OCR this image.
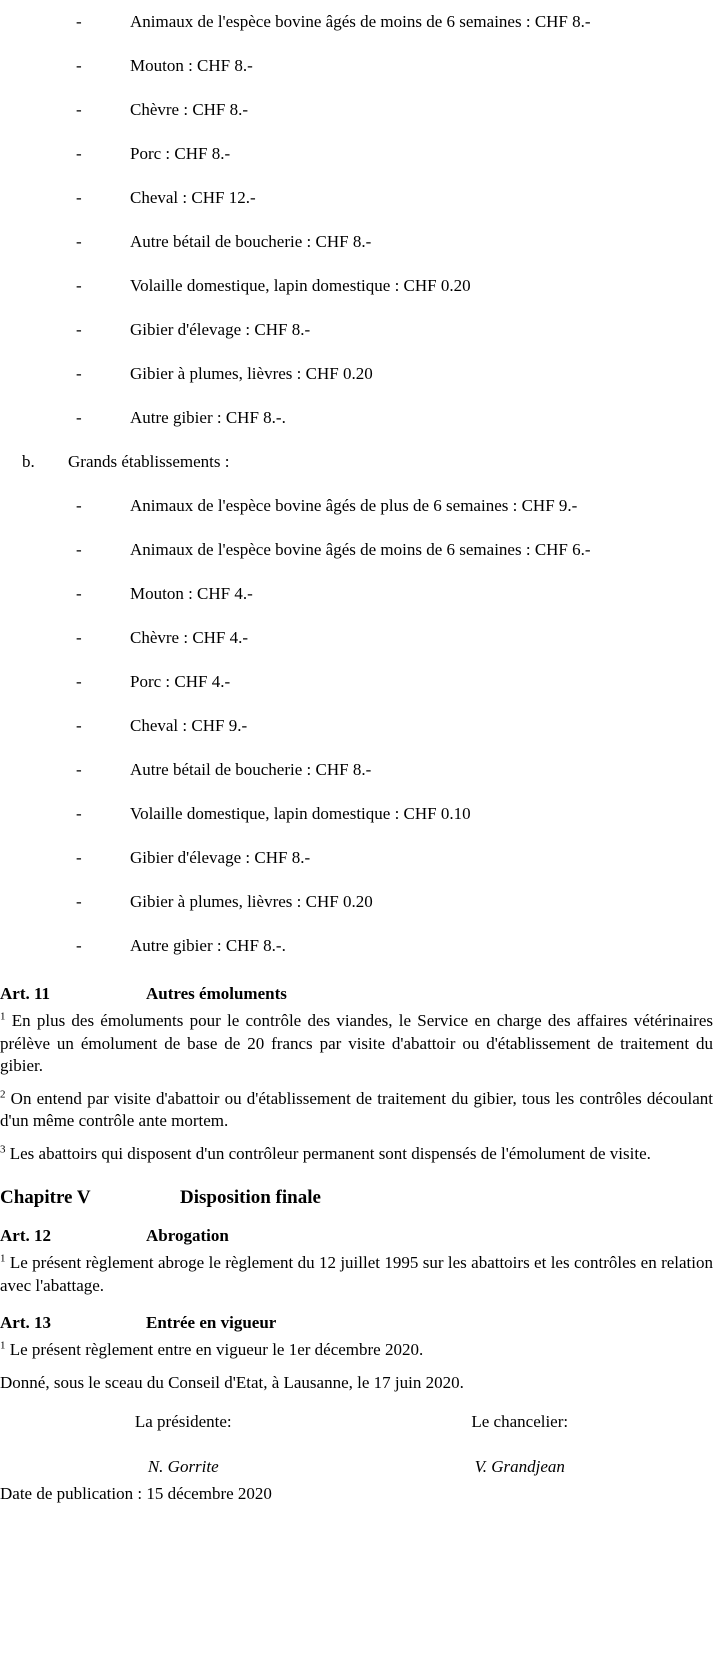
-	Animaux de l'espèce bovine âgés de moins de 6 semaines : CHF 8.-
-	Mouton : CHF 8.-
-	Chèvre : CHF 8.-
-	Porc : CHF 8.-
-	Cheval : CHF 12.-
-	Autre bétail de boucherie : CHF 8.-
-	Volaille domestique, lapin domestique : CHF 0.20
-	Gibier d'élevage : CHF 8.-
-	Gibier à plumes, lièvres : CHF 0.20
-	Autre gibier : CHF 8.-.
b.	Grands établissements :
-	Animaux de l'espèce bovine âgés de plus de 6 semaines : CHF 9.-
-	Animaux de l'espèce bovine âgés de moins de 6 semaines : CHF 6.-
-	Mouton : CHF 4.-
-	Chèvre : CHF 4.-
-	Porc : CHF 4.-
-	Cheval : CHF 9.-
-	Autre bétail de boucherie : CHF 8.-
-	Volaille domestique, lapin domestique : CHF 0.10
-	Gibier d'élevage : CHF 8.-
-	Gibier à plumes, lièvres : CHF 0.20
-	Autre gibier : CHF 8.-.
Art. 11	Autres émoluments

$^1$ En plus des émoluments pour le contrôle des viandes, le Service en charge des affaires vétérinaires prélève un émolument de base de 20 francs par visite d'abattoir ou d'établissement de traitement du gibier.

$^2$ On entend par visite d'abattoir ou d'établissement de traitement du gibier, tous les contrôles découlant d'un même contrôle ante mortem.

$^3$ Les abattoirs qui disposent d'un contrôleur permanent sont dispensés de l'émolument de visite.

Chapitre V	Disposition finale
Art. 12	Abrogation

$^1$ Le présent règlement abroge le règlement du 12 juillet 1995 sur les abattoirs et les contrôles en relation avec l'abattage.

Art. 13	Entrée en vigueur

$^1$ Le présent règlement entre en vigueur le 1er décembre 2020.

Donné, sous le sceau du Conseil d'Etat, à Lausanne, le 17 juin 2020.

La présidente:
N. Gorrite
Le chancelier:
V. Grandjean

Date de publication : 15 décembre 2020
